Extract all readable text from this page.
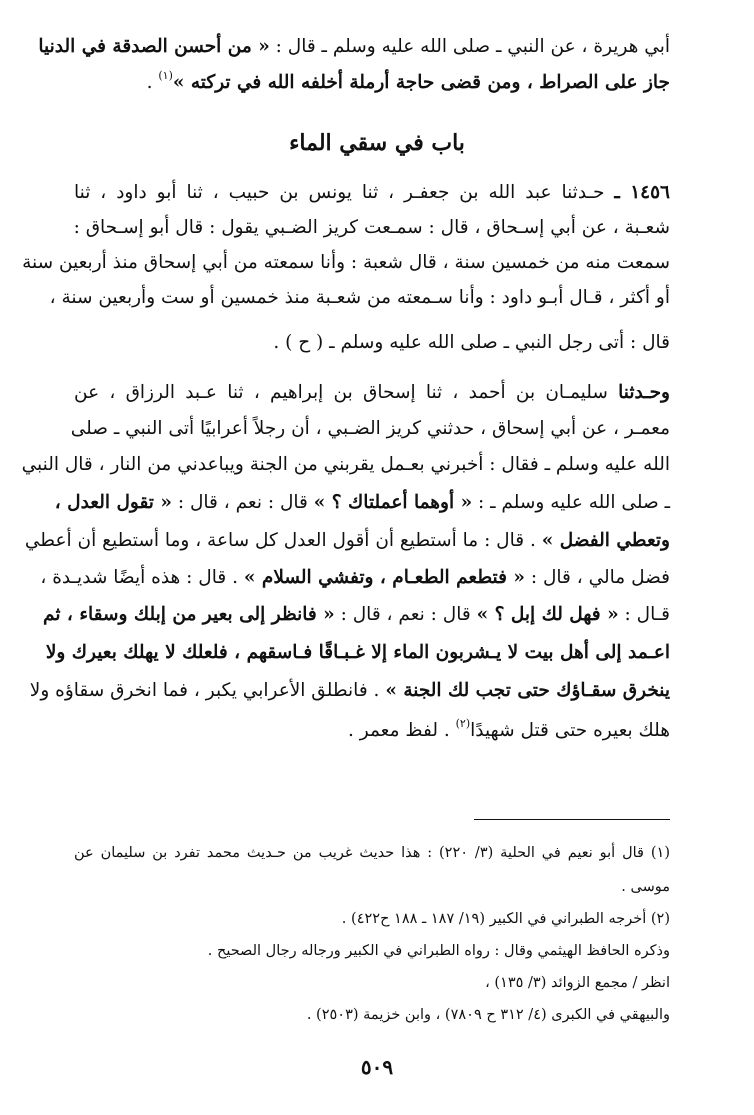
أبي هريرة ، عن النبي ـ صلى الله عليه وسلم ـ قال : « من أحسن الصدقة في الدنيا
جاز على الصراط ، ومن قضى حاجة أرملة أخلفه الله في تركته »$^{(١)}$ .
باب في سقي الماء
١٤٥٦ ـ حـدثنا عبد الله بن جعفـر ، ثنا يونس بن حبيب ، ثنا أبو داود ، ثنا
شعـبة ، عن أبي إسـحاق ، قال : سمـعت كريز الضـبي يقول : قال أبو إسـحاق :
سمعت منه من خمسين سنة ، قال شعبة : وأنا سمعته من أبي إسحاق منذ أربعين سنة
أو أكثر ، قـال أبـو داود : وأنا سـمعته من شعـبة منذ خمسين أو ست وأربعين سنة ،
قال : أتى رجل النبي ـ صلى الله عليه وسلم ـ ( ح ) .
وحـدثنا سليمـان بن أحمد ، ثنا إسحاق بن إبراهيم ، ثنا عـبد الرزاق ، عن
معمـر ، عن أبي إسحاق ، حدثني كريز الضـبي ، أن رجلاً أعرابيًا أتى النبي ـ صلى
الله عليه وسلم ـ فقال : أخبرني بعـمل يقربني من الجنة ويباعدني من النار ، قال النبي
ـ صلى الله عليه وسلم ـ : « أوهما أعملتاك ؟ » قال : نعم ، قال : « تقول العدل ،
وتعطي الفضل » . قال : ما أستطيع أن أقول العدل كل ساعة ، وما أستطيع أن أعطي
فضل مالي ، قال : « فتطعم الطعـام ، وتفشي السلام » . قال : هذه أيضًا شديـدة ،
قـال : « فهل لك إبل ؟ » قال : نعم ، قال : « فانظر إلى بعير من إبلك وسقاء ، ثم
اعـمد إلى أهل بيت لا يـشربون الماء إلا غـبـاقًا فـاسقهم ، فلعلك لا يهلك بعيرك ولا
ينخرق سقـاؤك حتى تجب لك الجنة » . فانطلق الأعرابي يكبر ، فما انخرق سقاؤه ولا
هلك بعيره حتى قتل شهيدًا$^{(٢)}$ . لفظ معمر .
(١) قال أبو نعيم في الحلية (٣/ ٢٢٠) : هذا حديث غريب من حـديث محمد تفرد بن سليمان عن
موسى .
(٢) أخرجه الطبراني في الكبير (١٩/ ١٨٧ ـ ١٨٨ ح٤٢٢) .
وذكره الحافظ الهيثمي وقال : رواه الطبراني في الكبير ورجاله رجال الصحيح .
انظر / مجمع الزوائد (٣/ ١٣٥) ،
والبيهقي في الكبرى (٤/ ٣١٢ ح ٧٨٠٩) ، وابن خزيمة (٢٥٠٣) .
٥٠٩
